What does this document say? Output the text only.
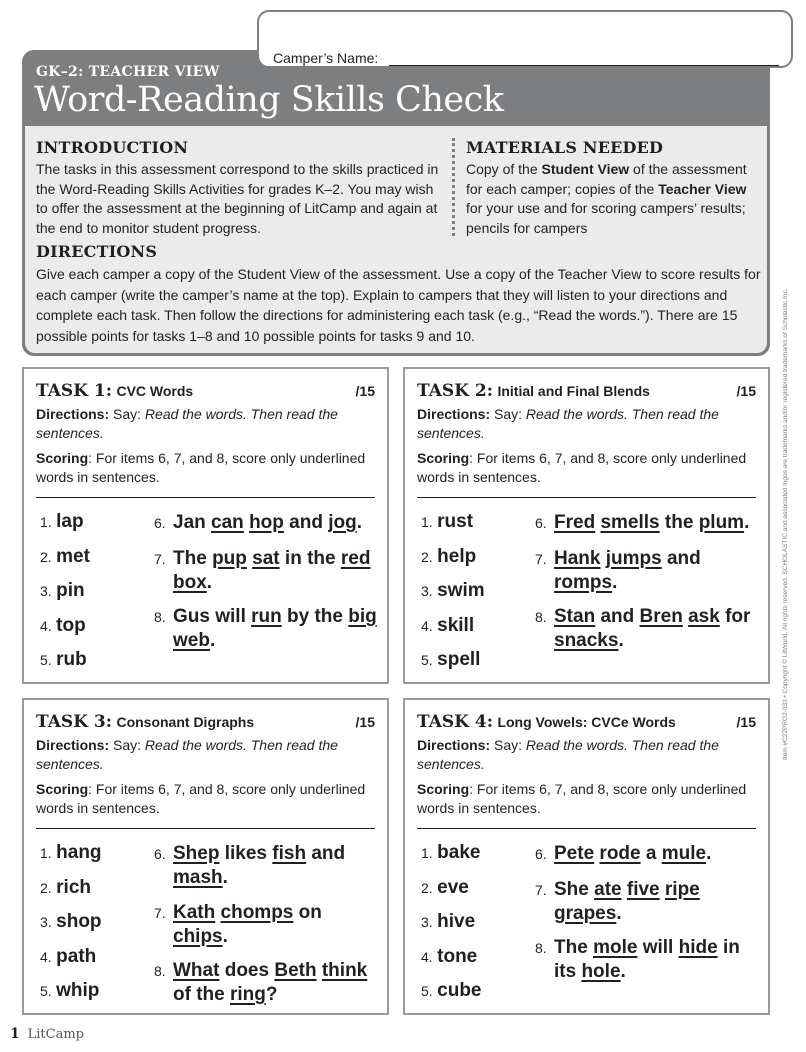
Camper’s Name:
GK–2: TEACHER VIEW
Word-Reading Skills Check
INTRODUCTION
The tasks in this assessment correspond to the skills practiced in the Word-Reading Skills Activities for grades K–2. You may wish to offer the assessment at the beginning of LitCamp and again at the end to monitor student progress.
MATERIALS NEEDED
Copy of the Student View of the assessment for each camper; copies of the Teacher View for your use and for scoring campers’ results; pencils for campers
DIRECTIONS
Give each camper a copy of the Student View of the assessment. Use a copy of the Teacher View to score results for each camper (write the camper’s name at the top). Explain to campers that they will listen to your directions and complete each task. Then follow the directions for administering each task (e.g., “Read the words.”). There are 15 possible points for tasks 1–8 and 10 possible points for tasks 9 and 10.
TASK 1: CVC Words	/15
Directions: Say: Read the words. Then read the sentences.
Scoring: For items 6, 7, and 8, score only underlined words in sentences.
1. lap
2. met
3. pin
4. top
5. rub
6. Jan can hop and jog.
7. The pup sat in the red box.
8. Gus will run by the big web.
TASK 2: Initial and Final Blends	/15
Directions: Say: Read the words. Then read the sentences.
Scoring: For items 6, 7, and 8, score only underlined words in sentences.
1. rust
2. help
3. swim
4. skill
5. spell
6. Fred smells the plum.
7. Hank jumps and romps.
8. Stan and Bren ask for snacks.
TASK 3: Consonant Digraphs	/15
Directions: Say: Read the words. Then read the sentences.
Scoring: For items 6, 7, and 8, score only underlined words in sentences.
1. hang
2. rich
3. shop
4. path
5. whip
6. Shep likes fish and mash.
7. Kath chomps on chips.
8. What does Beth think of the ring?
TASK 4: Long Vowels: CVCe Words	/15
Directions: Say: Read the words. Then read the sentences.
Scoring: For items 6, 7, and 8, score only underlined words in sentences.
1. bake
2. eve
3. hive
4. tone
5. cube
6. Pete rode a mule.
7. She ate five ripe grapes.
8. The mole will hide in its hole.
Item #C22PRO2-033 • Copyright © LitWorld. All rights reserved. SCHOLASTIC and associated logos are trademarks and/or registered trademarks of Scholastic Inc.
1 LitCamp
